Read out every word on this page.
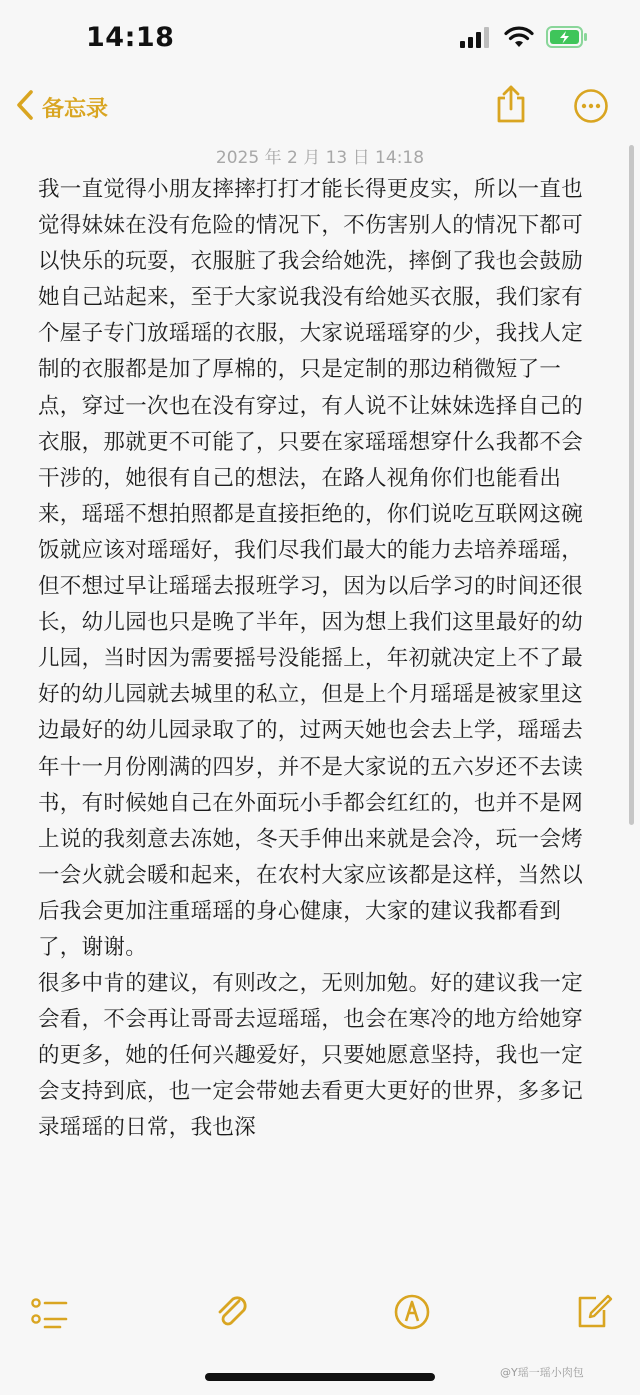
14:18
备忘录
2025 年 2 月 13 日 14:18

我一直觉得小朋友摔摔打打才能长得更皮实，所以一直也觉得妹妹在没有危险的情况下，不伤害别人的情况下都可以快乐的玩耍，衣服脏了我会给她洗，摔倒了我也会鼓励她自己站起来，至于大家说我没有给她买衣服，我们家有个屋子专门放瑶瑶的衣服，大家说瑶瑶穿的少，我找人定制的衣服都是加了厚棉的，只是定制的那边稍微短了一点，穿过一次也在没有穿过，有人说不让妹妹选择自己的衣服，那就更不可能了，只要在家瑶瑶想穿什么我都不会干涉的，她很有自己的想法，在路人视角你们也能看出来，瑶瑶不想拍照都是直接拒绝的，你们说吃互联网这碗饭就应该对瑶瑶好，我们尽我们最大的能力去培养瑶瑶，但不想过早让瑶瑶去报班学习，因为以后学习的时间还很长，幼儿园也只是晚了半年，因为想上我们这里最好的幼儿园，当时因为需要摇号没能摇上，年初就决定上不了最好的幼儿园就去城里的私立，但是上个月瑶瑶是被家里这边最好的幼儿园录取了的，过两天她也会去上学，瑶瑶去年十一月份刚满的四岁，并不是大家说的五六岁还不去读书，有时候她自己在外面玩小手都会红红的，也并不是网上说的我刻意去冻她，冬天手伸出来就是会冷，玩一会烤一会火就会暖和起来，在农村大家应该都是这样，当然以后我会更加注重瑶瑶的身心健康，大家的建议我都看到了，谢谢。

很多中肯的建议，有则改之，无则加勉。好的建议我一定会看，不会再让哥哥去逗瑶瑶，也会在寒冷的地方给她穿的更多，她的任何兴趣爱好，只要她愿意坚持，我也一定会支持到底，也一定会带她去看更大更好的世界，多多记录瑶瑶的日常，我也深

@Y瑶一瑶小肉包
